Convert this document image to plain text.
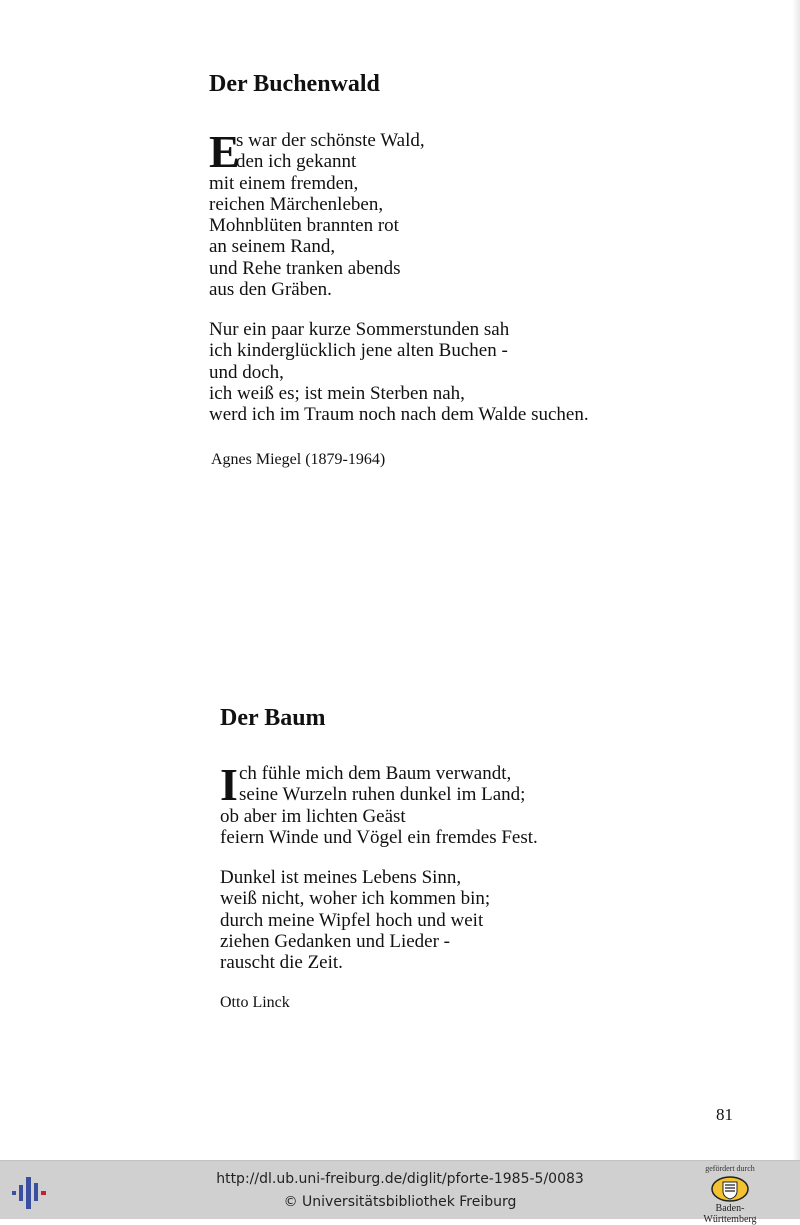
Der Buchenwald
E
s war der schönste Wald,
den ich gekannt
mit einem fremden,
reichen Märchenleben,
Mohnblüten brannten rot
an seinem Rand,
und Rehe tranken abends
aus den Gräben.
Nur ein paar kurze Sommerstunden sah
ich kinderglücklich jene alten Buchen -
und doch,
ich weiß es; ist mein Sterben nah,
werd ich im Traum noch nach dem Walde suchen.
Agnes Miegel (1879-1964)
Der Baum
I ch fühle mich dem Baum verwandt,
seine Wurzeln ruhen dunkel im Land;
ob aber im lichten Geäst
feiern Winde und Vögel ein fremdes Fest.
Dunkel ist meines Lebens Sinn,
weiß nicht, woher ich kommen bin;
durch meine Wipfel hoch und weit
ziehen Gedanken und Lieder -
rauscht die Zeit.
Otto Linck
81
http://dl.ub.uni-freiburg.de/diglit/pforte-1985-5/0083
© Universitätsbibliothek Freiburg
gefördert durch
Baden-Württemberg
